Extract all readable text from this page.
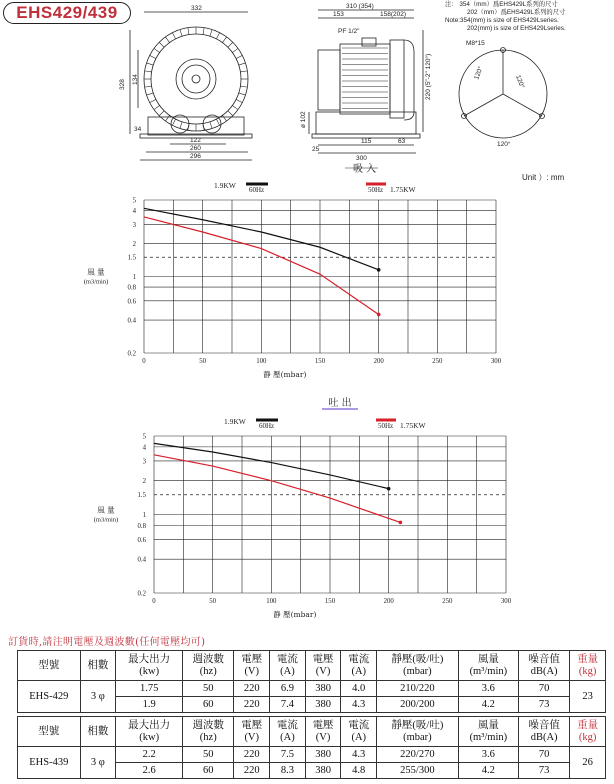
EHS429/439	注： 354（mm）爲EHS429L系列的尺寸
202（mm）爲EHS429L系列的尺寸
Note:354(mm) is size of EHS429Lseries.
202(mm) is size of EHS429Lseries.
332
328 134
34
122
260
296
310 (354)
153	158(202)
PF 1/2"
220 (5"-2" 120°)
ø 102
115	63
300
25
M8*15
120°
120°
120°
吸 入
Unit ）: mm
1.9KW 60Hz	50Hz 1.75KW
5
4
3
2
1.5
1
0.8
0.6
0.4
0.2
0	50	100	150	200	250	300
静 壓(mbar)
風 量
(m3/min)
吐 出
1.9KW 60Hz	50Hz 1.75KW
5
4
3
2
1.5
1
0.8
0.6
0.4
0.2
0	50	100	150	200	250	300
静 壓(mbar)
風 量
(m3/min)
訂貨時,請注明電壓及週波數(任何電壓均可)
型號	相數	最大出力
(kw)	週波數
(hz)	電壓
(V)	電流
(A)	電壓
(V)	電流
(A)	靜壓(吸/吐)
(mbar)	風量
(m³/min)	噪音值
dB(A)	重量
(kg)

EHS-429	3 φ	1.75	50	220	6.9	380	4.0	210/220	3.6	70	23
		1.9	60	220	7.4	380	4.3	200/200	4.2	73	
型號	相數	最大出力
(kw)	週波數
(hz)	電壓
(V)	電流
(A)	電壓
(V)	電流
(A)	靜壓(吸/吐)
(mbar)	風量
(m³/min)	噪音值
dB(A)	重量
(kg)

EHS-439	3 φ	2.2	50	220	7.5	380	4.3	220/270	3.6	70	26
		2.6	60	220	8.3	380	4.8	255/300	4.2	73	
